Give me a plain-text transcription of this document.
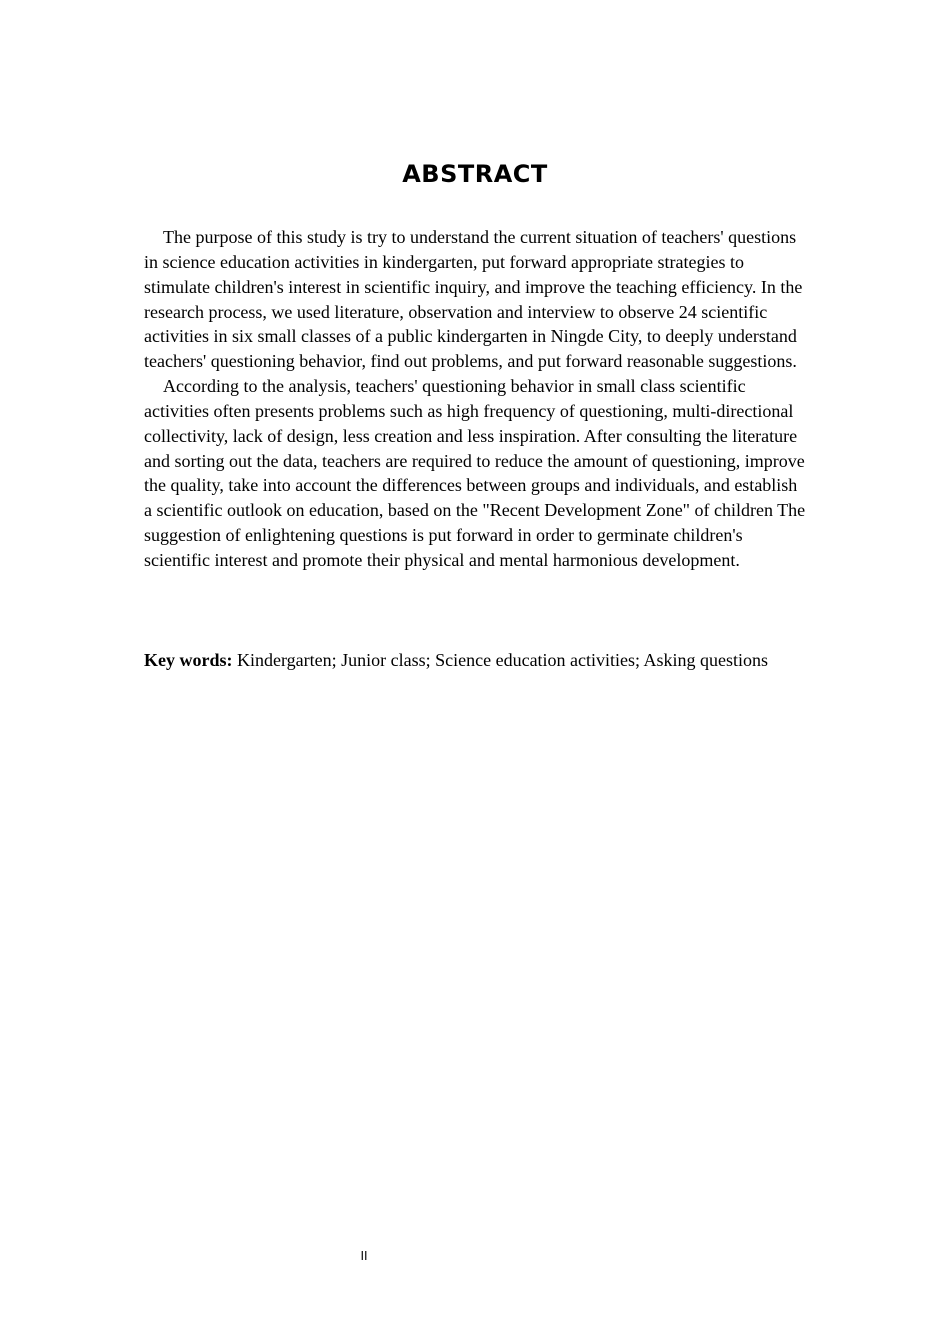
ABSTRACT

The purpose of this study is try to understand the current situation of teachers' questions in science education activities in kindergarten, put forward appropriate strategies to stimulate children's interest in scientific inquiry, and improve the teaching efficiency. In the research process, we used literature, observation and interview to observe 24 scientific activities in six small classes of a public kindergarten in Ningde City, to deeply understand teachers' questioning behavior, find out problems, and put forward reasonable suggestions.

According to the analysis, teachers' questioning behavior in small class scientific activities often presents problems such as high frequency of questioning, multi-directional collectivity, lack of design, less creation and less inspiration. After consulting the literature and sorting out the data, teachers are required to reduce the amount of questioning, improve the quality, take into account the differences between groups and individuals, and establish a scientific outlook on education, based on the "Recent Development Zone" of children The suggestion of enlightening questions is put forward in order to germinate children's scientific interest and promote their physical and mental harmonious development.

Key words: Kindergarten; Junior class; Science education activities; Asking questions
II
